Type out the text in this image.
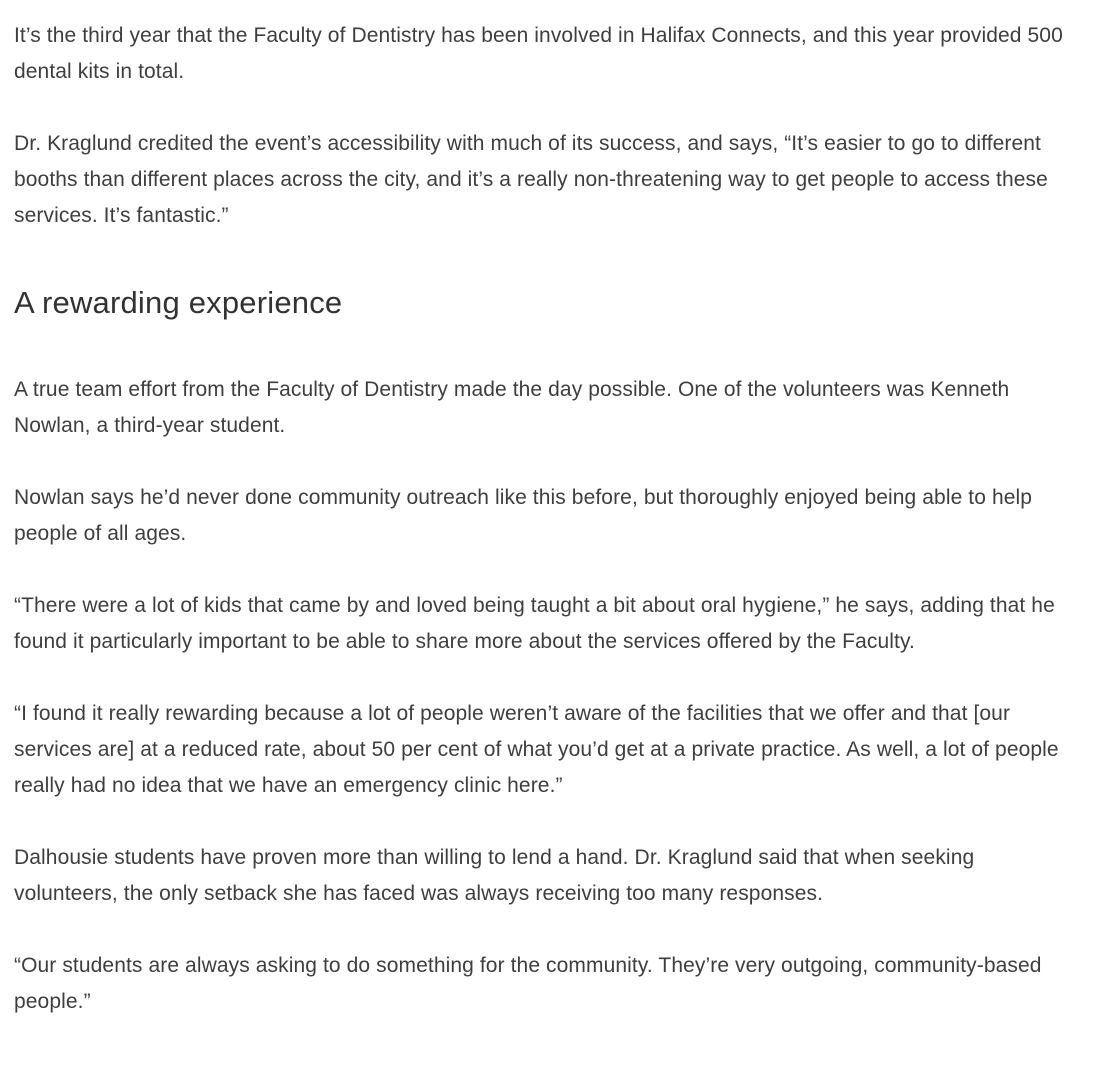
It’s the third year that the Faculty of Dentistry has been involved in Halifax Connects, and this year provided 500 dental kits in total.

Dr. Kraglund credited the event’s accessibility with much of its success, and says, “It’s easier to go to different booths than different places across the city, and it’s a really non-threatening way to get people to access these services. It’s fantastic.”

A rewarding experience

A true team effort from the Faculty of Dentistry made the day possible. One of the volunteers was Kenneth Nowlan, a third-year student.

Nowlan says he’d never done community outreach like this before, but thoroughly enjoyed being able to help people of all ages.

“There were a lot of kids that came by and loved being taught a bit about oral hygiene,” he says, adding that he found it particularly important to be able to share more about the services offered by the Faculty.

“I found it really rewarding because a lot of people weren’t aware of the facilities that we offer and that [our services are] at a reduced rate, about 50 per cent of what you’d get at a private practice. As well, a lot of people really had no idea that we have an emergency clinic here.”

Dalhousie students have proven more than willing to lend a hand. Dr. Kraglund said that when seeking volunteers, the only setback she has faced was always receiving too many responses.

“Our students are always asking to do something for the community. They’re very outgoing, community-based people.”
